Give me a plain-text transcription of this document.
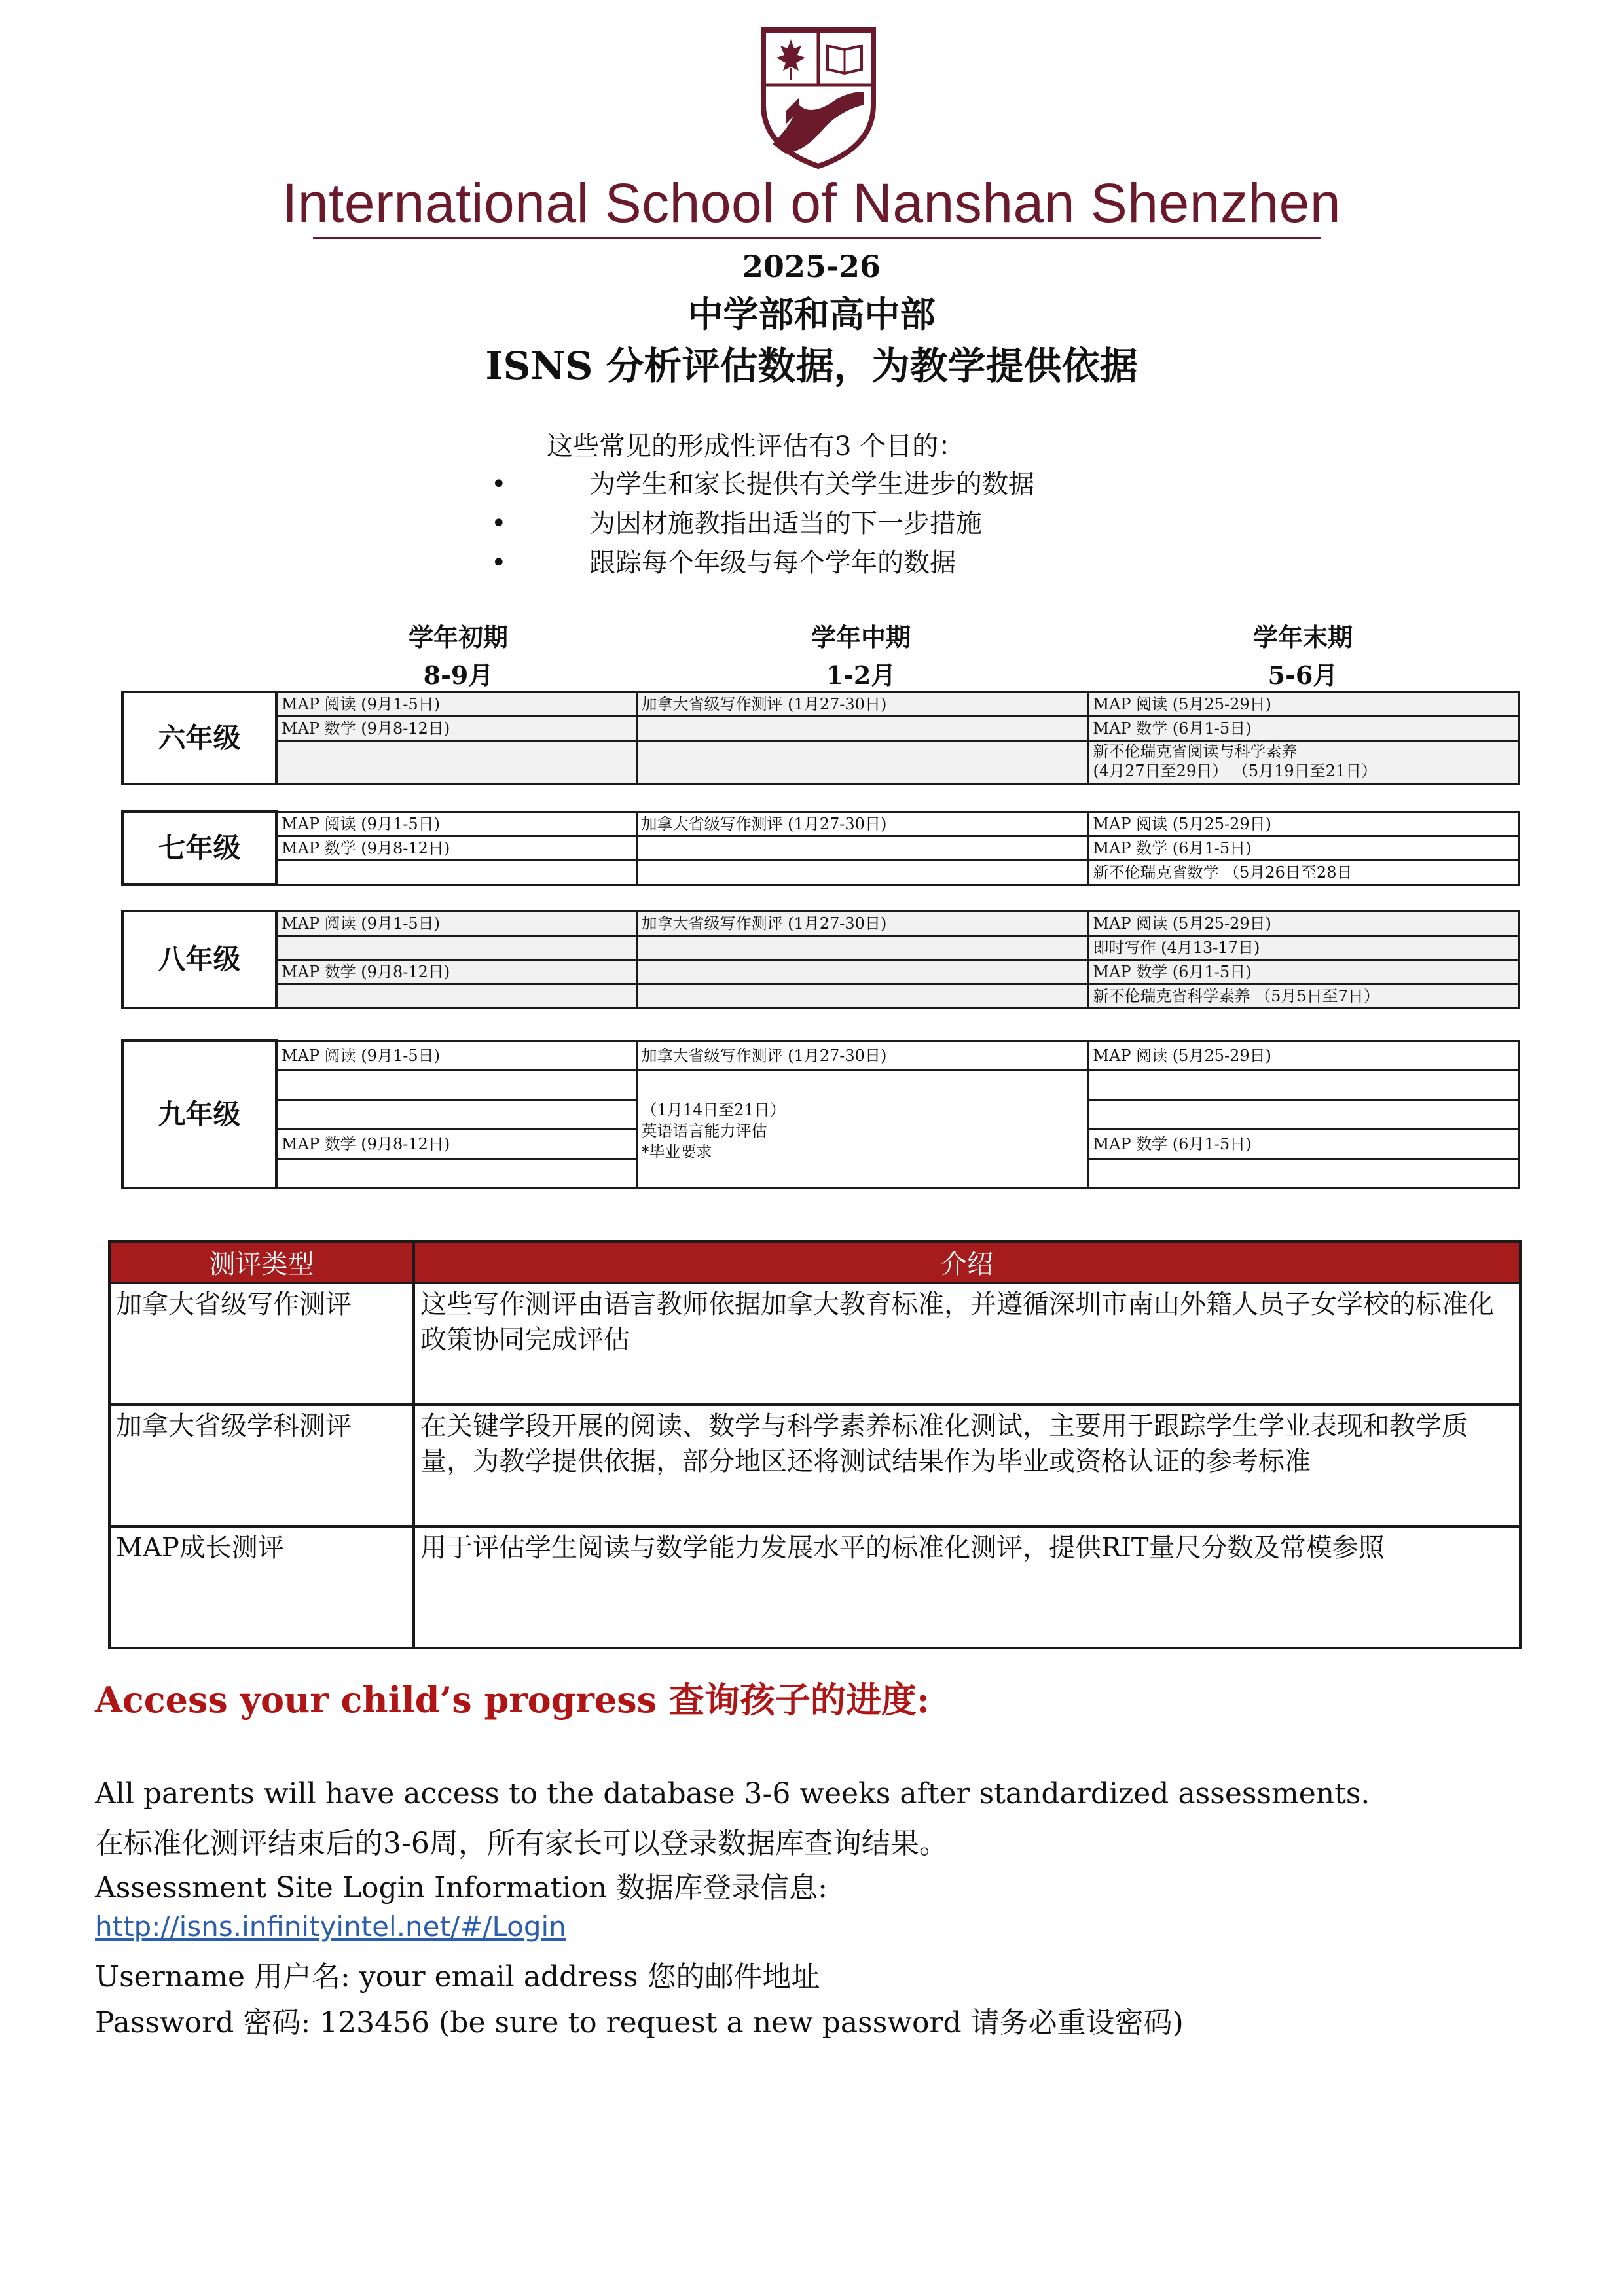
International School of Nanshan Shenzhen
2025-26
中学部和高中部
ISNS 分析评估数据，为教学提供依据
这些常见的形成性评估有3 个目的：
•	为学生和家长提供有关学生进步的数据
•	为因材施教指出适当的下一步措施
•	跟踪每个年级与每个学年的数据
学年初期
8-9月
学年中期
1-2月
学年末期
5-6月
六年级	MAP 阅读 (9月1-5日)	加拿大省级写作测评 (1月27-30日)	MAP 阅读 (5月25-29日)
	MAP 数学 (9月8-12日)		MAP 数学 (6月1-5日)
			新不伦瑞克省阅读与科学素养
(4月27日至29日） （5月19日至21日）
七年级	MAP 阅读 (9月1-5日)	加拿大省级写作测评 (1月27-30日)	MAP 阅读 (5月25-29日)
	MAP 数学 (9月8-12日)		MAP 数学 (6月1-5日)
			新不伦瑞克省数学 （5月26日至28日
八年级	MAP 阅读 (9月1-5日)	加拿大省级写作测评 (1月27-30日)	MAP 阅读 (5月25-29日)
			即时写作 (4月13-17日)
	MAP 数学 (9月8-12日)		MAP 数学 (6月1-5日)
			新不伦瑞克省科学素养 （5月5日至7日）
九年级	MAP 阅读 (9月1-5日)	加拿大省级写作测评 (1月27-30日)	MAP 阅读 (5月25-29日)
		（1月14日至21日）
英语语言能力评估
*毕业要求	

	MAP 数学 (9月8-12日)		MAP 数学 (6月1-5日)

测评类型	介绍
加拿大省级写作测评	这些写作测评由语言教师依据加拿大教育标准，并遵循深圳市南山外籍人员子女学校的标准化政策协同完成评估
加拿大省级学科测评	在关键学段开展的阅读、数学与科学素养标准化测试，主要用于跟踪学生学业表现和教学质量，为教学提供依据，部分地区还将测试结果作为毕业或资格认证的参考标准
MAP成长测评	用于评估学生阅读与数学能力发展水平的标准化测评，提供RIT量尺分数及常模参照
Access your child’s progress 查询孩子的进度:
All parents will have access to the database 3-6 weeks after standardized assessments.
在标准化测评结束后的3-6周，所有家长可以登录数据库查询结果。
Assessment Site Login Information 数据库登录信息:
http://isns.infinityintel.net/#/Login
Username 用户名: your email address 您的邮件地址
Password 密码: 123456 (be sure to request a new password 请务必重设密码)
